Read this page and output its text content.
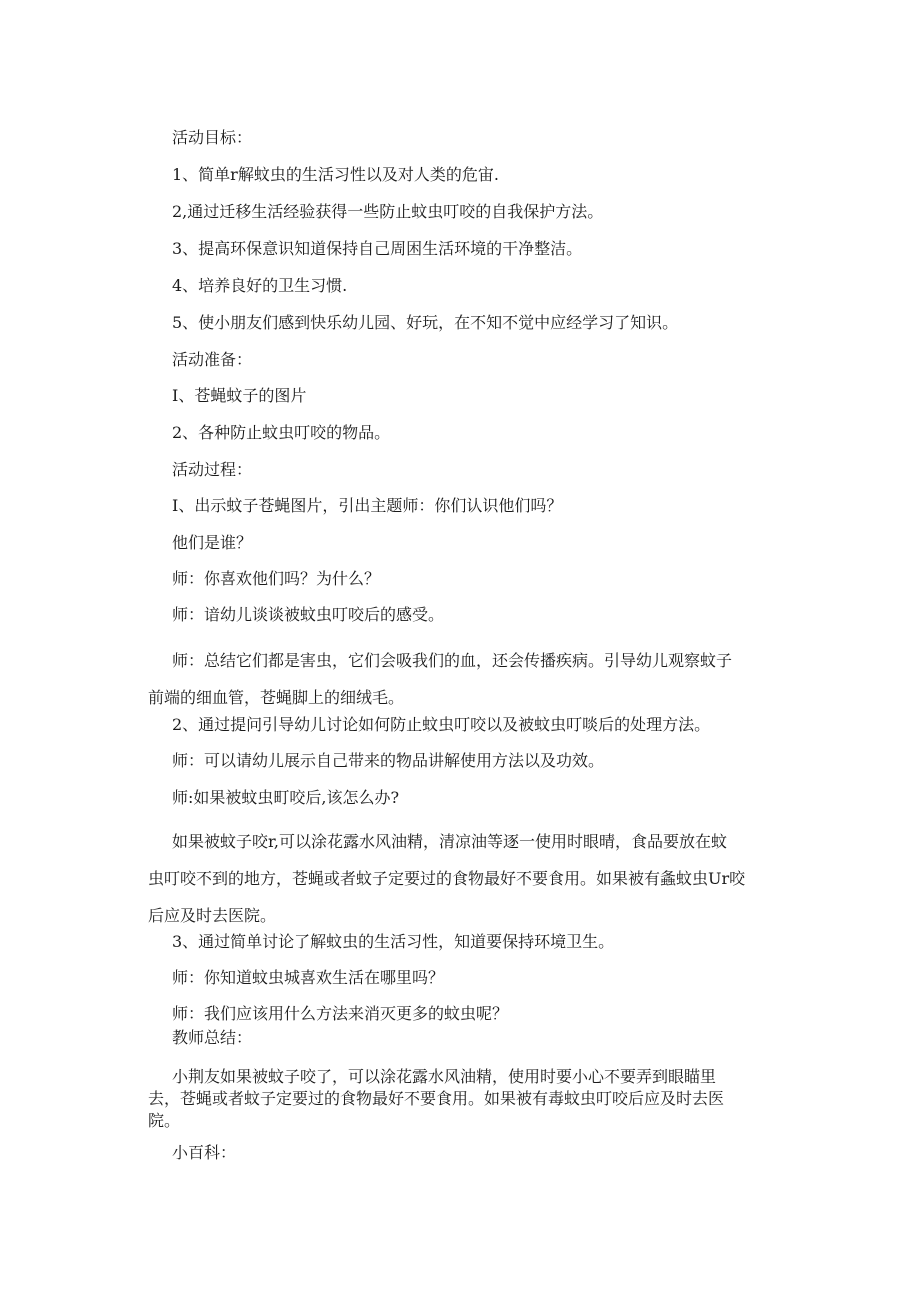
活动目标：

1、简单r解蚊虫的生活习性以及对人类的危宙.

2,通过迁移生活经验获得一些防止蚊虫叮咬的自我保护方法。

3、提高环保意识知道保持自己周困生活环境的干净整洁。

4、培养良好的卫生习惯.

5、使小朋友们感到快乐幼儿园、好玩，在不知不觉中应经学习了知识。

活动准备：

I、苍蝇蚊子的图片

2、各种防止蚊虫叮咬的物品。

活动过程：

I、出示蚊子苍蝇图片，引出主题师：你们认识他们吗？

他们是谁？

师：你喜欢他们吗？为什么？

师：谙幼儿谈谈被蚊虫叮咬后的感受。

师：总结它们都是害虫，它们会吸我们的血，还会传播疾病。引导幼儿观察蚊子
前端的细血管，苍蝇脚上的细绒毛。

2、通过提问引导幼儿讨论如何防止蚊虫叮咬以及被蚊虫叮啖后的处理方法。

师：可以请幼儿展示自己带来的物品讲解使用方法以及功效。

师:如果被蚊虫町咬后,该怎么办?

如果被蚊子咬r,可以涂花露水风油精，清凉油等逐一使用时眼晴，食品要放在蚊
虫叮咬不到的地方，苍蝇或者蚊子定要过的食物最好不要食用。如果被有螽蚊虫Ur咬
后应及时去医院。

3、通过简单讨论了解蚊虫的生活习性，知道要保持环境卫生。

师：你知道蚊虫城喜欢生活在哪里吗？

师：我们应该用什么方法来消灭更多的蚊虫呢？

教师总结：

小荆友如果被蚊子咬了，可以涂花露水风油精，使用时要小心不要弄到眼瞄里
去，苍蝇或者蚊子定要过的食物最好不要食用。如果被有毒蚊虫叮咬后应及时去医
院。

小百科：
